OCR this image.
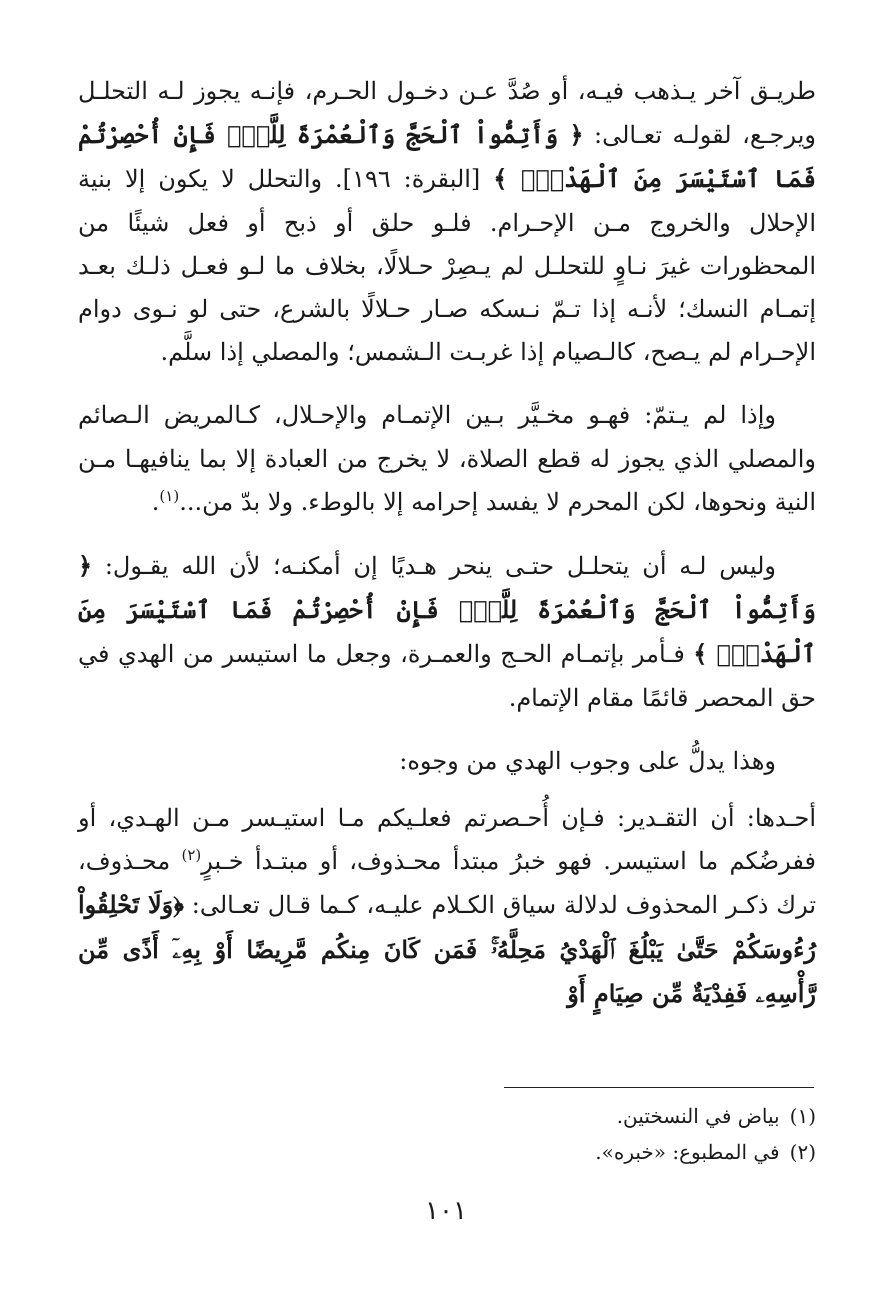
طريـق آخر يـذهب فيـه، أو صُدَّ عـن دخـول الحـرم، فإنـه يجوز لـه التحلـل ويرجـع، لقولـه تعـالى: ﴿ وَأَتِمُّواْ ٱلْحَجَّ وَٱلْعُمْرَةَ لِلَّهِۚ فَإِنْ أُحْصِرْتُمْ فَمَا ٱسْتَيْسَرَ مِنَ ٱلْهَدْيِۖ ﴾ [البقرة: ١٩٦]. والتحلل لا يكون إلا بنية الإحلال والخروج مـن الإحـرام. فلـو حلق أو ذبح أو فعل شيئًا من المحظورات غيرَ نـاوٍ للتحلـل لم يـصِرْ حـلالًا، بخلاف ما لـو فعـل ذلـك بعـد إتمـام النسك؛ لأنـه إذا تـمّ نـسكه صـار حـلالًا بالشرع، حتى لو نـوى دوام الإحـرام لم يـصح، كالـصيام إذا غربـت الـشمس؛ والمصلي إذا سلَّم.

وإذا لم يـتمّ: فهـو مخـيَّر بـين الإتمـام والإحـلال، كـالمريض الـصائم والمصلي الذي يجوز له قطع الصلاة، لا يخرج من العبادة إلا بما ينافيهـا مـن النية ونحوها، لكن المحرم لا يفسد إحرامه إلا بالوطء. ولا بدّ من...$^{(١)}$.

وليس لـه أن يتحلـل حتـى ينحر هـديًا إن أمكنـه؛ لأن الله يقـول: ﴿ وَأَتِمُّواْ ٱلْحَجَّ وَٱلْعُمْرَةَ لِلَّهِۚ فَإِنْ أُحْصِرْتُمْ فَمَا ٱسْتَيْسَرَ مِنَ ٱلْهَدْيِۖ ﴾ فـأمر بإتمـام الحـج والعمـرة، وجعل ما استيسر من الهدي في حق المحصر قائمًا مقام الإتمام.

وهذا يدلُّ على وجوب الهدي من وجوه:

أحـدها: أن التقـدير: فـإن أُحـصرتم فعلـيكم مـا استيـسر مـن الهـدي، أو ففرضُكم ما استيسر. فهو خبرُ مبتدأ محـذوف، أو مبتـدأ خـبرٍ$^{(٢)}$ محـذوف، ترك ذكـر المحذوف لدلالة سياق الكـلام عليـه، كـما قـال تعـالى: ﴿وَلَا تَحْلِقُواْ رُءُوسَكُمْ حَتَّىٰ يَبْلُغَ ٱلْهَدْيُ مَحِلَّهُۥۚ فَمَن كَانَ مِنكُم مَّرِيضًا أَوْ بِهِۦٓ أَذًى مِّن رَّأْسِهِۦ فَفِدْيَةٌ مِّن صِيَامٍ أَوْ

(١)بياض في النسختين.
(٢)في المطبوع: «خبره».
١٠١
